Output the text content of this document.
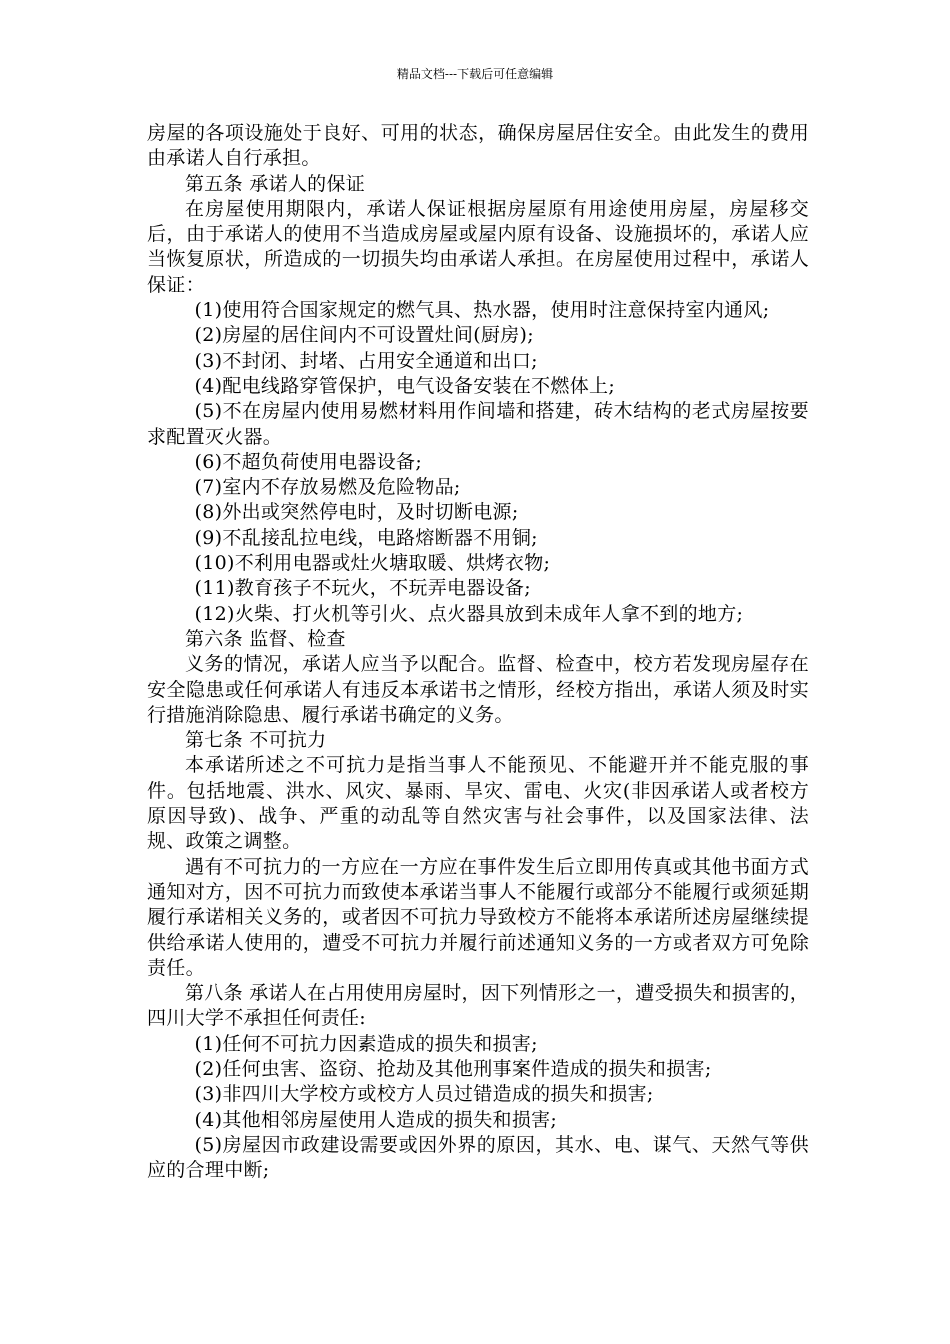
精品文档---下载后可任意编辑

房屋的各项设施处于良好、可用的状态，确保房屋居住安全。由此发生的费用由承诺人自行承担。

第五条 承诺人的保证

在房屋使用期限内，承诺人保证根据房屋原有用途使用房屋，房屋移交后，由于承诺人的使用不当造成房屋或屋内原有设备、设施损坏的，承诺人应当恢复原状，所造成的一切损失均由承诺人承担。在房屋使用过程中，承诺人保证：

(1)使用符合国家规定的燃气具、热水器，使用时注意保持室内通风;

(2)房屋的居住间内不可设置灶间(厨房);

(3)不封闭、封堵、占用安全通道和出口;

(4)配电线路穿管保护，电气设备安装在不燃体上;

(5)不在房屋内使用易燃材料用作间墙和搭建，砖木结构的老式房屋按要求配置灭火器。

(6)不超负荷使用电器设备;

(7)室内不存放易燃及危险物品;

(8)外出或突然停电时，及时切断电源;

(9)不乱接乱拉电线，电路熔断器不用铜;

(10)不利用电器或灶火塘取暖、烘烤衣物;

(11)教育孩子不玩火，不玩弄电器设备;

(12)火柴、打火机等引火、点火器具放到未成年人拿不到的地方;

第六条 监督、检查

义务的情况，承诺人应当予以配合。监督、检查中，校方若发现房屋存在安全隐患或任何承诺人有违反本承诺书之情形，经校方指出，承诺人须及时实行措施消除隐患、履行承诺书确定的义务。

第七条 不可抗力

本承诺所述之不可抗力是指当事人不能预见、不能避开并不能克服的事件。包括地震、洪水、风灾、暴雨、旱灾、雷电、火灾(非因承诺人或者校方原因导致)、战争、严重的动乱等自然灾害与社会事件，以及国家法律、法规、政策之调整。

遇有不可抗力的一方应在一方应在事件发生后立即用传真或其他书面方式通知对方，因不可抗力而致使本承诺当事人不能履行或部分不能履行或须延期履行承诺相关义务的，或者因不可抗力导致校方不能将本承诺所述房屋继续提供给承诺人使用的，遭受不可抗力并履行前述通知义务的一方或者双方可免除责任。

第八条 承诺人在占用使用房屋时，因下列情形之一，遭受损失和损害的，四川大学不承担任何责任:

(1)任何不可抗力因素造成的损失和损害;

(2)任何虫害、盗窃、抢劫及其他刑事案件造成的损失和损害;

(3)非四川大学校方或校方人员过错造成的损失和损害;

(4)其他相邻房屋使用人造成的损失和损害;

(5)房屋因市政建设需要或因外界的原因，其水、电、谋气、天然气等供应的合理中断;
